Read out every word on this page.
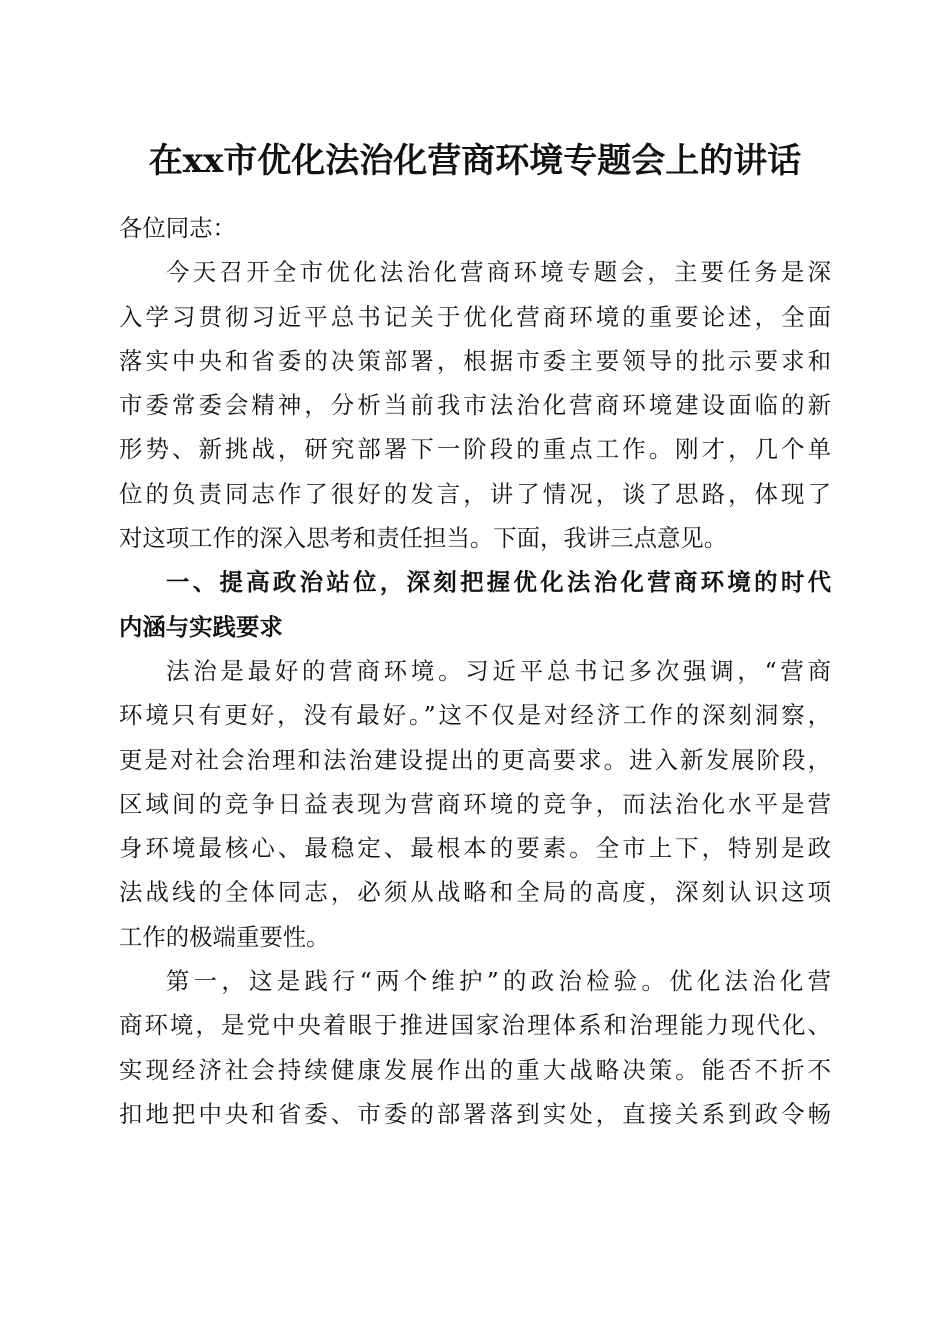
在xx市优化法治化营商环境专题会上的讲话
各位同志：
今天召开全市优化法治化营商环境专题会，主要任务是深
入学习贯彻习近平总书记关于优化营商环境的重要论述，全面
落实中央和省委的决策部署，根据市委主要领导的批示要求和
市委常委会精神，分析当前我市法治化营商环境建设面临的新
形势、新挑战，研究部署下一阶段的重点工作。刚才，几个单
位的负责同志作了很好的发言，讲了情况，谈了思路，体现了
对这项工作的深入思考和责任担当。下面，我讲三点意见。
一、提高政治站位，深刻把握优化法治化营商环境的时代
内涵与实践要求
法治是最好的营商环境。习近平总书记多次强调，“营商
环境只有更好，没有最好。”这不仅是对经济工作的深刻洞察，
更是对社会治理和法治建设提出的更高要求。进入新发展阶段，
区域间的竞争日益表现为营商环境的竞争，而法治化水平是营
身环境最核心、最稳定、最根本的要素。全市上下，特别是政
法战线的全体同志，必须从战略和全局的高度，深刻认识这项
工作的极端重要性。
第一，这是践行“两个维护”的政治检验。优化法治化营
商环境，是党中央着眼于推进国家治理体系和治理能力现代化、
实现经济社会持续健康发展作出的重大战略决策。能否不折不
扣地把中央和省委、市委的部署落到实处，直接关系到政令畅
